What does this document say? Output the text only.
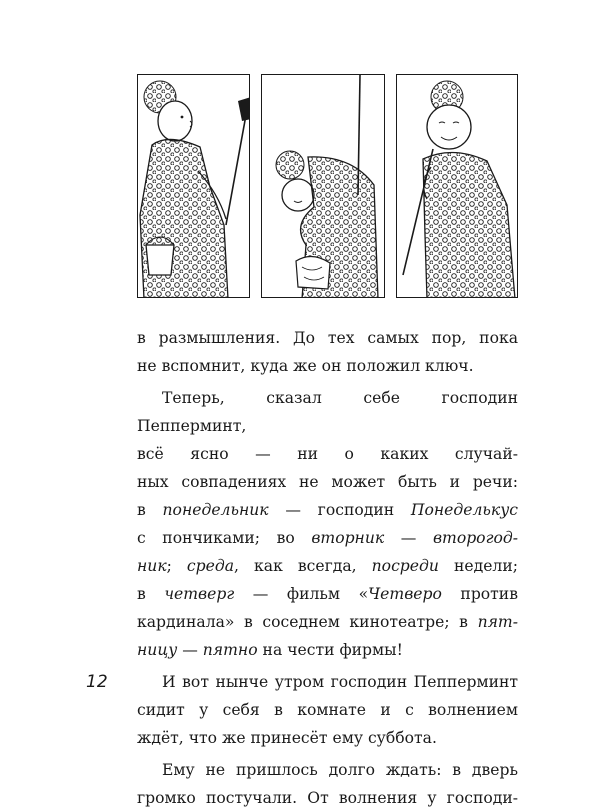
в размышления. До тех самых пор, пока

не вспомнит, куда же он положил ключ.

Теперь, сказал себе господин Пепперминт,

всё ясно — ни о каких случай-

ных совпадениях не может быть и речи:

в понедельник — господин Понеделькус

с пончиками; во вторник — второгод-

ник; среда, как всегда, посреди недели;

в четверг — фильм «Четверо против

кардинала» в соседнем кинотеатре; в пят-

ницу — пятно на чести фирмы!

И вот нынче утром господин Пепперминт

сидит у себя в комнате и с волнением

ждёт, что же принесёт ему суббота.

Ему не пришлось долго ждать: в дверь

громко постучали. От волнения у господи-

12
